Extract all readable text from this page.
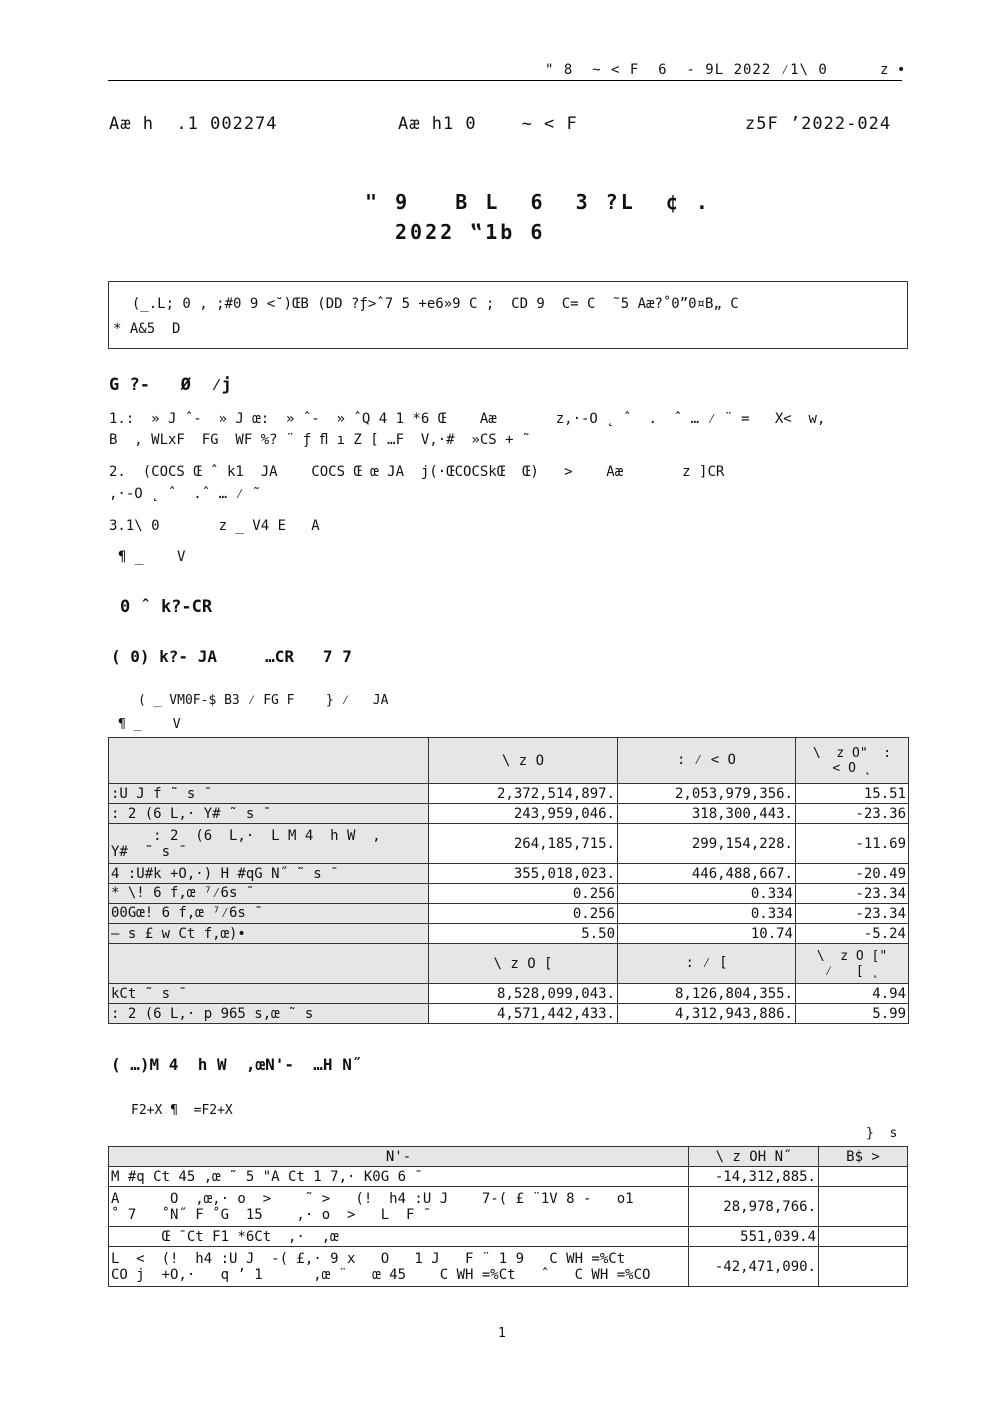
" 8  ~ < F  6  - 9L 2022 ⁄1\ 0	z •
Aæ h  .1 002274	Aæ h1 0    ~ < F	z5F ’2022-024
" 9   B L  6  3 ?L  ¢ .
2022 ‟1b 6

(_.L; 0 , ;#0 9 <˘)ŒB (DD ?ƒ>ˆ7 5 +e6»9 C ;  CD 9  C= C  ˜5 Aæ?˚0”0¤B„ C

* A&5  D

G ?-   Ø  ⁄j
1.:  » J ˆ-  » J œ:  » ˆ-  » ˆQ 4 1 *6 Œ    Aæ       z,·-O ˛ ˆ  .  ˆ … ⁄ ¨ =   X<  w,
B  , WLxF  FG  WF %? ¨ ƒ ﬂ ı Z [ …F  V,·#  »CS + ˜
2.  (COCS Œ ˆ k1  JA    COCS Œ œ JA  j(·ŒCOCSkŒ  Œ)   >    Aæ       z ]CR
,·-O ˛ ˆ  .ˆ … ⁄ ˜
3.1\ 0       z _ V4 E   A
¶ _    V
0 ˆ k?-CR
( 0) k?- JA     …CR   7 7
( _ VM0F-$ B3 ⁄ FG F    } ⁄   JA
¶ _    V
	\ z O	: ⁄ < O	\  z O"  :
< O ˛
:U J f ˜ s ˉ	2,372,514,897.	2,053,979,356.	15.51
: 2 (6 L,· Y# ˜ s ˉ	243,959,046.	318,300,443.	-23.36
: 2  (6  L,·  L M 4  h W  ,
Y#  ˜ s ˉ	264,185,715.	299,154,228.	-11.69
4 :U#k +O,·) H #qG N˝ ˜ s ˉ	355,018,023.	446,488,667.	-20.49
* \! 6 f,œ ⁷⁄6s ˉ	0.256	0.334	-23.34
00Gœ! 6 f,œ ⁷⁄6s ˉ	0.256	0.334	-23.34
— s £ w Ct f,œ)•	5.50	10.74	-5.24
	\ z O [	: ⁄ [	\  z O ["
⁄   [ ˛
kCt ˜ s ˉ	8,528,099,043.	8,126,804,355.	4.94
: 2 (6 L,· p 965 s,œ ˜ s	4,571,442,433.	4,312,943,886.	5.99
( …)M 4  h W  ,œN'-  …H N˝
F2+X ¶  =F2+X
}  s
N'-	\ z OH N˝	B$ >
M #q Ct 45 ,œ ˜ 5 "A Ct 1 7,· K0G 6 ˉ	-14,312,885.	
A      O  ,œ,· o  >    ˜ >   (!  h4 :U J    7-( £ ¨1V 8 -   o1
˚ 7   ˚N˝ F ˚G  15    ,· o  >   L  F ˉ	28,978,766.	
Œ ˉCt F1 *6Ct  ,·  ,œ	551,039.4	
L  <  (!  h4 :U J  -( £,· 9 x   O   1 J   F ¨ 1 9   C WH =%Ct
CO j  +O,·   q ’ 1      ,œ ¨   œ 45    C WH =%Ct   ˆ   C WH =%CO	-42,471,090.	
1
